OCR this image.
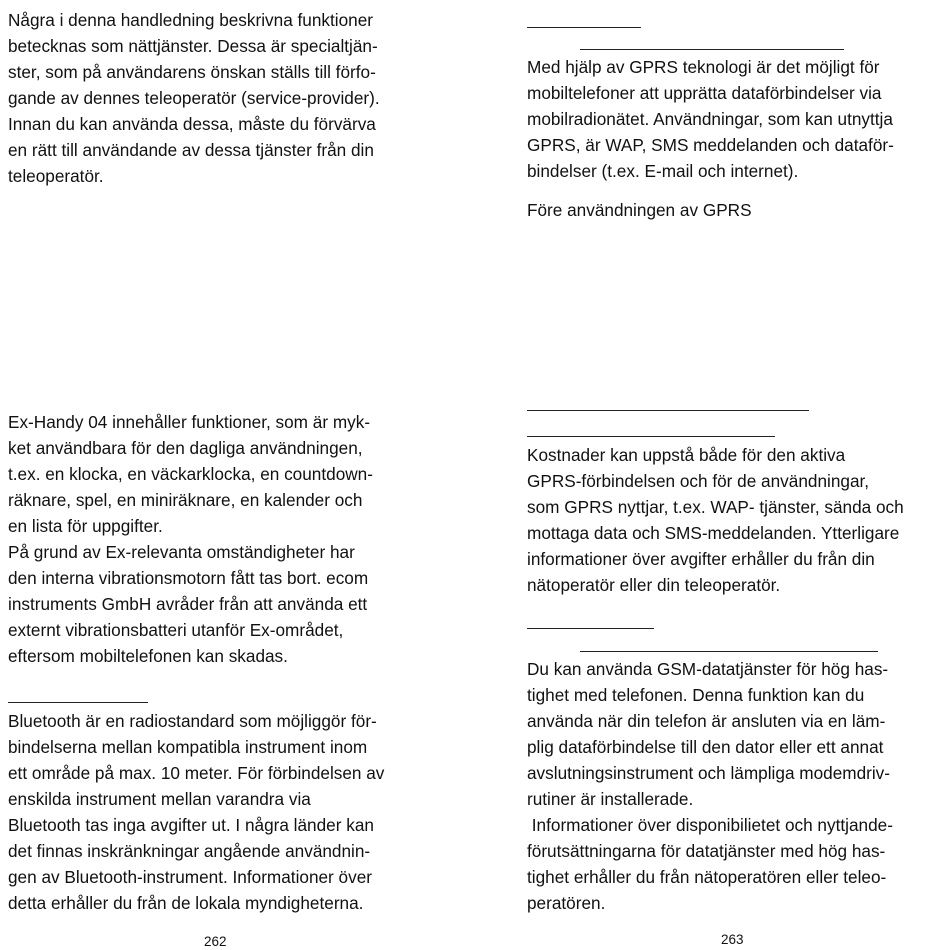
Några i denna handledning beskrivna funktioner
betecknas som nättjänster. Dessa är specialtjän-
ster, som på användarens önskan ställs till förfo-
gande av dennes teleoperatör (service-provider).
Innan du kan använda dessa, måste du förvärva
en rätt till användande av dessa tjänster från din
teleoperatör.
Ex-Handy 04 innehåller funktioner, som är myk-
ket användbara för den dagliga användningen,
t.ex. en klocka, en väckarklocka, en countdown-
räknare, spel, en miniräknare, en kalender och
en lista för uppgifter.
På grund av Ex-relevanta omständigheter har
den interna vibrationsmotorn fått tas bort. ecom
instruments GmbH avråder från att använda ett
externt vibrationsbatteri utanför Ex-området,
eftersom mobiltelefonen kan skadas.
Bluetooth är en radiostandard som möjliggör för-
bindelserna mellan kompatibla instrument inom
ett område på max. 10 meter. För förbindelsen av
enskilda instrument mellan varandra via
Bluetooth tas inga avgifter ut. I några länder kan
det finnas inskränkningar angående användnin-
gen av Bluetooth-instrument. Informationer över
detta erhåller du från de lokala myndigheterna.
262
Med hjälp av GPRS teknologi är det möjligt för
mobiltelefoner att upprätta dataförbindelser via
mobilradionätet. Användningar, som kan utnyttja
GPRS, är WAP, SMS meddelanden och dataför-
bindelser (t.ex. E-mail och internet).
Före användningen av GPRS
Kostnader kan uppstå både för den aktiva
GPRS-förbindelsen och för de användningar,
som GPRS nyttjar, t.ex. WAP- tjänster, sända och
mottaga data och SMS-meddelanden. Ytterligare
informationer över avgifter erhåller du från din
nätoperatör eller din teleoperatör.
Du kan använda GSM-datatjänster för hög has-
tighet med telefonen. Denna funktion kan du
använda när din telefon är ansluten via en läm-
plig dataförbindelse till den dator eller ett annat
avslutningsinstrument och lämpliga modemdriv-
rutiner är installerade.
Informationer över disponibilietet och nyttjande-
förutsättningarna för datatjänster med hög has-
tighet erhåller du från nätoperatören eller teleo-
peratören.
263
